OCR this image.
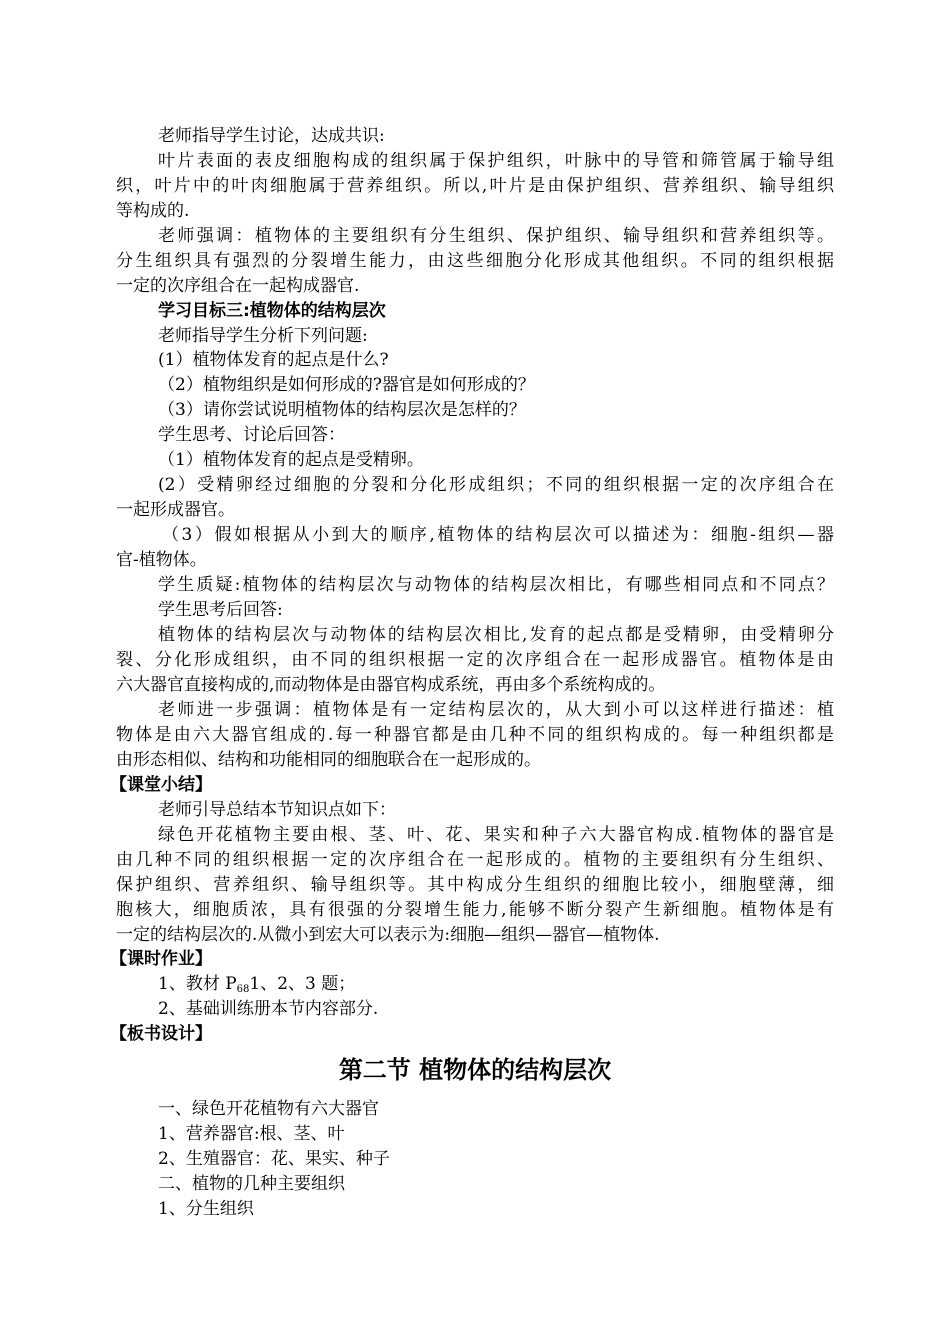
老师指导学生讨论，达成共识:
叶片表面的表皮细胞构成的组织属于保护组织，叶脉中的导管和筛管属于输导组
织，叶片中的叶肉细胞属于营养组织。所以,叶片是由保护组织、营养组织、输导组织
等构成的.
老师强调：植物体的主要组织有分生组织、保护组织、输导组织和营养组织等。
分生组织具有强烈的分裂增生能力，由这些细胞分化形成其他组织。不同的组织根据
一定的次序组合在一起构成器官.
学习目标三:植物体的结构层次
老师指导学生分析下列问题:
(1）植物体发育的起点是什么?
（2）植物组织是如何形成的?器官是如何形成的？
（3）请你尝试说明植物体的结构层次是怎样的？
学生思考、讨论后回答：
（1）植物体发育的起点是受精卵。
(2）受精卵经过细胞的分裂和分化形成组织；不同的组织根据一定的次序组合在
一起形成器官。
（3）假如根据从小到大的顺序,植物体的结构层次可以描述为：细胞-组织—器
官-植物体。
学生质疑:植物体的结构层次与动物体的结构层次相比，有哪些相同点和不同点？
学生思考后回答:
植物体的结构层次与动物体的结构层次相比,发育的起点都是受精卵，由受精卵分
裂、分化形成组织，由不同的组织根据一定的次序组合在一起形成器官。植物体是由
六大器官直接构成的,而动物体是由器官构成系统，再由多个系统构成的。
老师进一步强调：植物体是有一定结构层次的，从大到小可以这样进行描述：植
物体是由六大器官组成的.每一种器官都是由几种不同的组织构成的。每一种组织都是
由形态相似、结构和功能相同的细胞联合在一起形成的。
【课堂小结】
老师引导总结本节知识点如下：
绿色开花植物主要由根、茎、叶、花、果实和种子六大器官构成.植物体的器官是
由几种不同的组织根据一定的次序组合在一起形成的。植物的主要组织有分生组织、
保护组织、营养组织、输导组织等。其中构成分生组织的细胞比较小，细胞壁薄，细
胞核大，细胞质浓，具有很强的分裂增生能力,能够不断分裂产生新细胞。植物体是有
一定的结构层次的.从微小到宏大可以表示为:细胞—组织—器官—植物体.
【课时作业】
1、教材 $P_{68}1$、2、3 题；
2、基础训练册本节内容部分.
【板书设计】
第二节 植物体的结构层次
一、绿色开花植物有六大器官
1、营养器官:根、茎、叶
2、生殖器官：花、果实、种子
二、植物的几种主要组织
1、分生组织
